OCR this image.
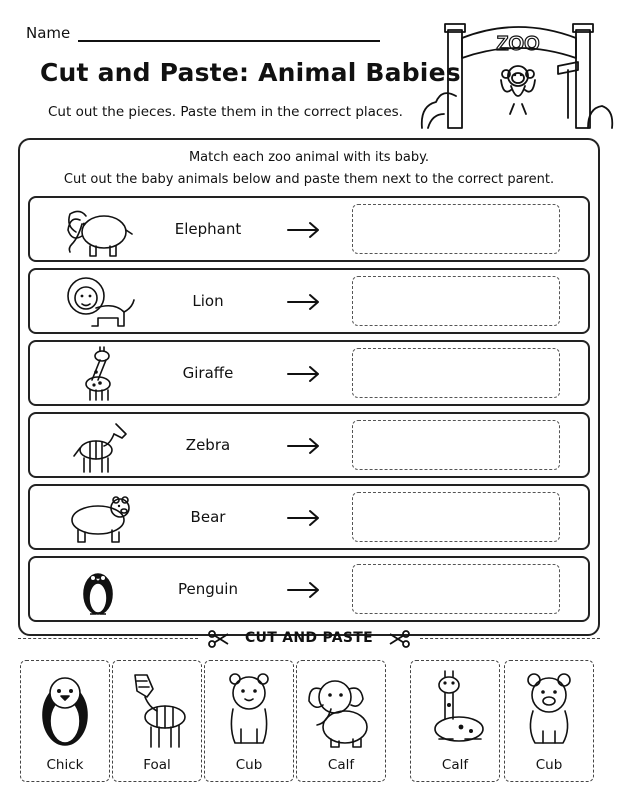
Name
Cut and Paste: Animal Babies
Cut out the pieces. Paste them in the correct places.
ZOO
Match each zoo animal with its baby.
Cut out the baby animals below and paste them next to the correct parent.
Elephant
Lion
Giraffe
Zebra
Bear
Penguin
CUT AND PASTE
Chick	Foal	Cub	Calf	Calf	Cub
